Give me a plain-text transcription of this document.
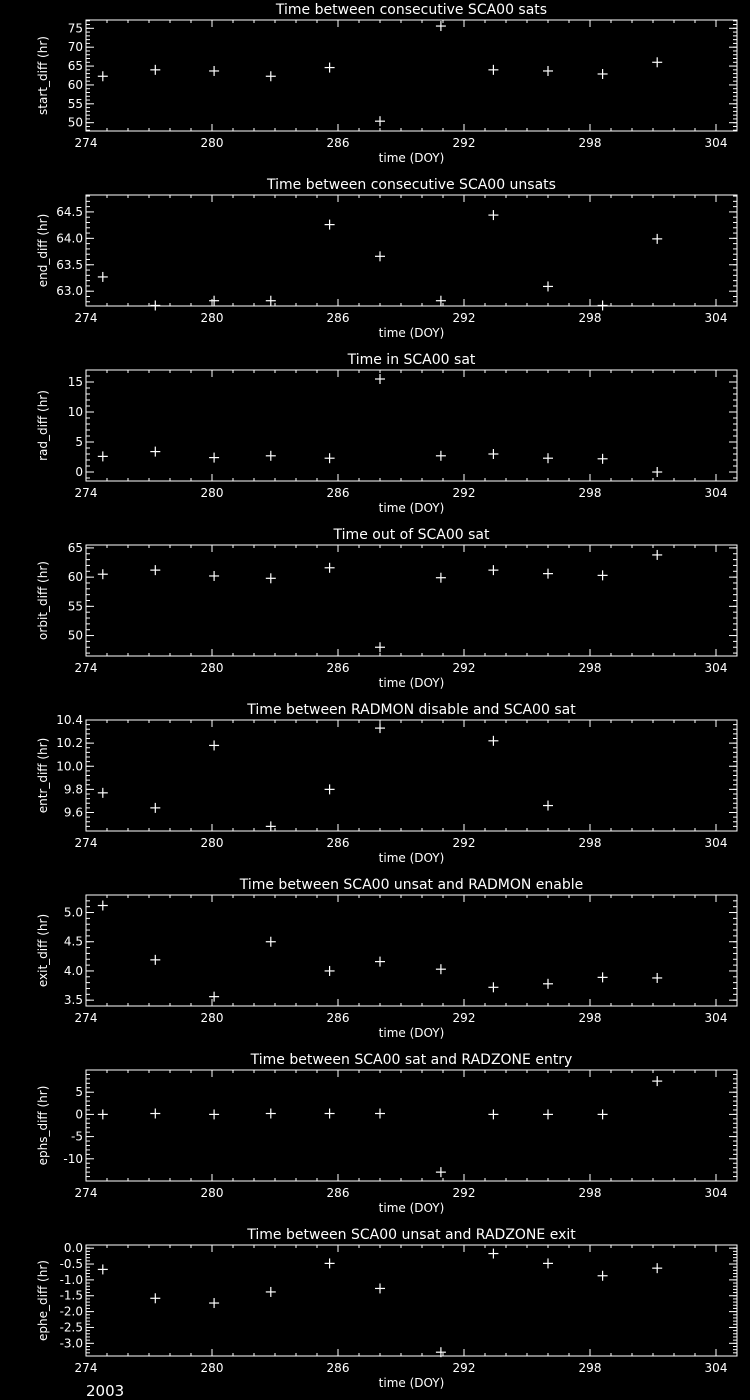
Time between consecutive SCA00 sats
274	280	286	292	298	304
50
55
60
65
70
75
time (DOY)
start_diff (hr)
Time between consecutive SCA00 unsats
274	280	286	292	298	304
63.0
63.5
64.0
64.5
time (DOY)
end_diff (hr)
Time in SCA00 sat
274	280	286	292	298	304
0
5
10
15
time (DOY)
rad_diff (hr)
Time out of SCA00 sat
274	280	286	292	298	304
50
55
60
65
time (DOY)
orbit_diff (hr)
Time between RADMON disable and SCA00 sat
274	280	286	292	298	304
9.6
9.8
10.0
10.2
10.4
time (DOY)
entr_diff (hr)
Time between SCA00 unsat and RADMON enable
274	280	286	292	298	304
3.5
4.0
4.5
5.0
time (DOY)
exit_diff (hr)
Time between SCA00 sat and RADZONE entry
274	280	286	292	298	304
-10
-5
0
5
time (DOY)
ephs_diff (hr)
Time between SCA00 unsat and RADZONE exit
274	280	286	292	298	304
-3.0
-2.5
-2.0
-1.5
-1.0
-0.5
0.0
time (DOY)
ephe_diff (hr)
2003
